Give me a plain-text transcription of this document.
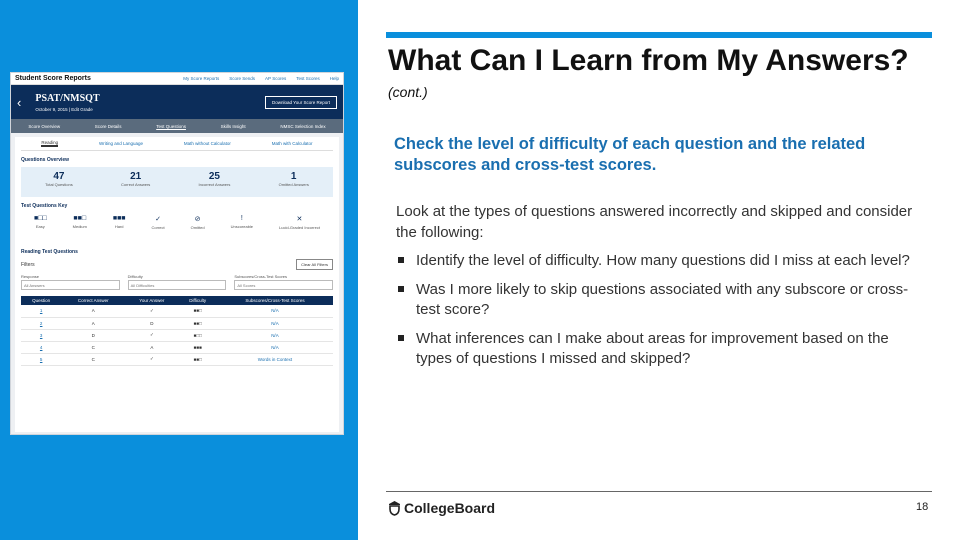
Student Score Reports	My Score Reports Score Sends AP Scores Test Scores Help
‹ PSAT/NMSQT
October 9, 2015 | Edit Grade
Download Your Score Report
Score Overview	Score Details	Test Questions	Skills Insight	NMSC Selection Index
Reading	Writing and Language	Math without Calculator	Math with Calculator
Questions Overview
47
Total Questions
21
Correct Answers
25
Incorrect Answers
1
Omitted Answers
Test Questions Key
■□□
Easy
■■□
Medium
■■■
Hard
✓
Correct
⊘
Omitted
!
Unscoreable
✕
Lucid-Graded Incorrect
Reading Test Questions
Filters	Clear All Filters
Response
All Answers
Difficulty
All Difficulties
Subscores/Cross-Test Scores
All Scores
Question	Correct Answer	Your Answer	Difficulty	Subscores/Cross-Test Scores
1	A	✓	■■□	N/A
2	A	D	■■□	N/A
3	D	✓	■□□	N/A
4	C	A	■■■	N/A
5	C	✓	■■□	Words in Context
What Can I Learn from My Answers?
(cont.)

Check the level of difficulty of each question and the related subscores and cross-test scores.

Look at the types of questions answered incorrectly and skipped and consider the following:

Identify the level of difficulty. How many questions did I miss at each level?
Was I more likely to skip questions associated with any subscore or cross-test score?
What inferences can I make about areas for improvement based on the types of questions I missed and skipped?
CollegeBoard	18
